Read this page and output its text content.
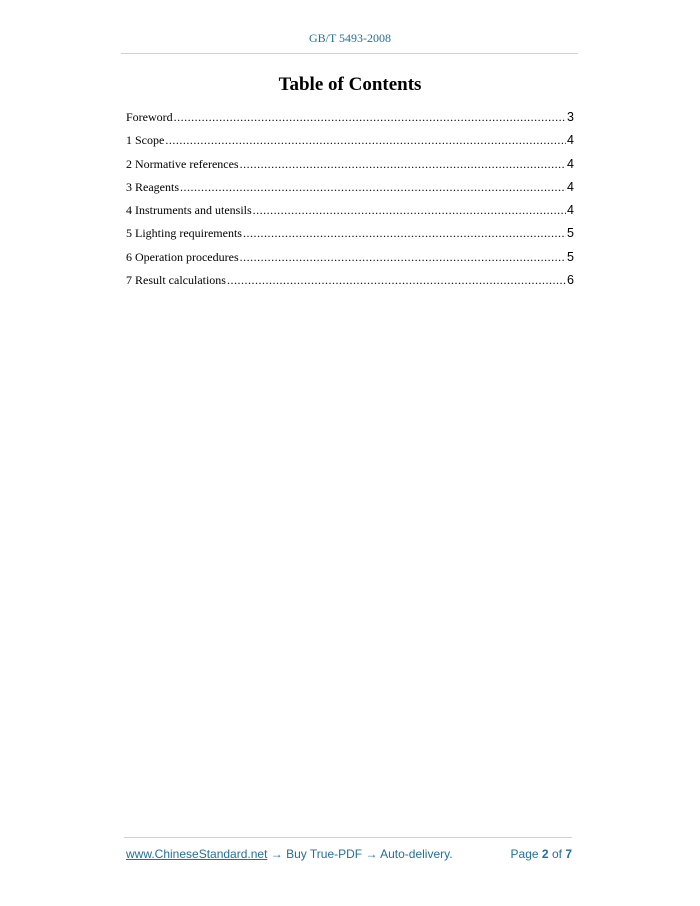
GB/T 5493-2008
Table of Contents
Foreword .....	3
1 Scope .....	4
2 Normative references .....	4
3 Reagents .....	4
4 Instruments and utensils .....	4
5 Lighting requirements .....	5
6 Operation procedures .....	5
7 Result calculations .....	6
www.ChineseStandard.net → Buy True-PDF → Auto-delivery.	Page 2 of 7
